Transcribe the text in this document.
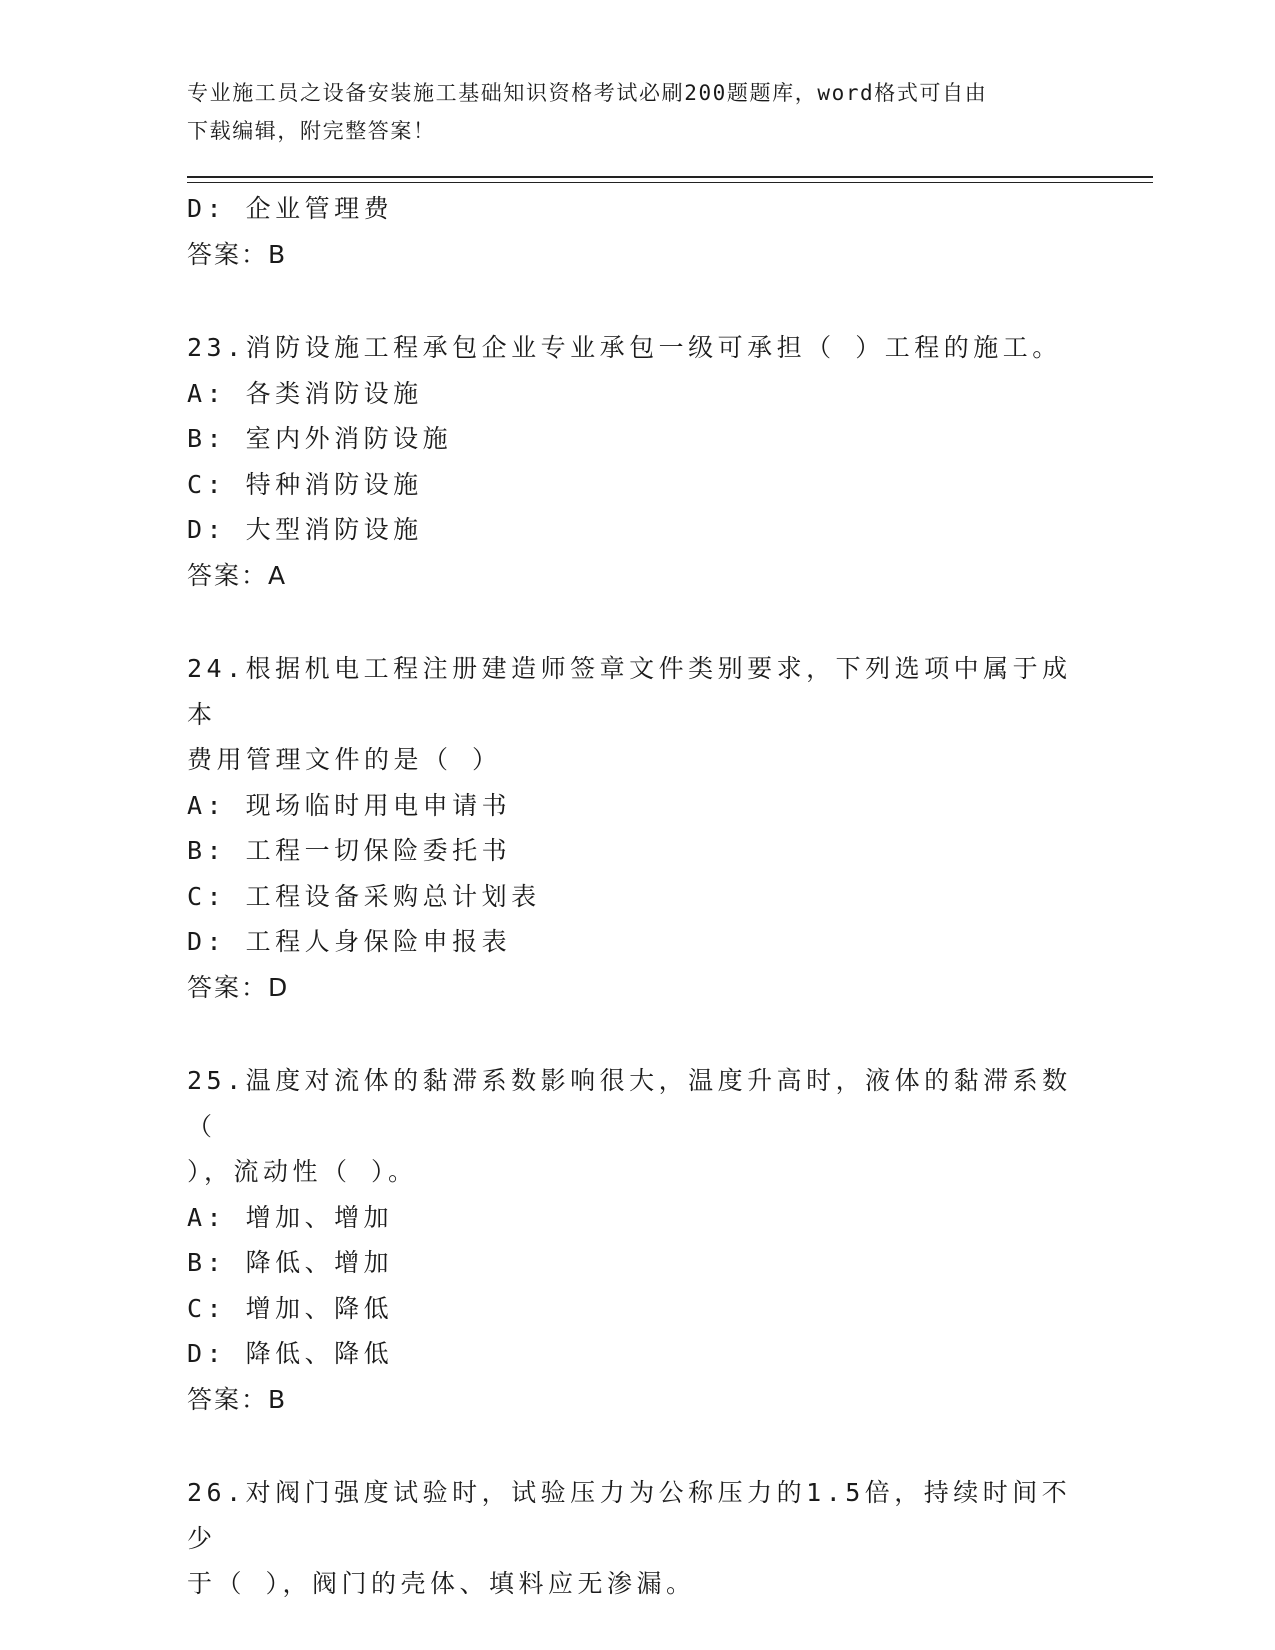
专业施工员之设备安装施工基础知识资格考试必刷200题题库，word格式可自由
下载编辑，附完整答案！
D: 企业管理费
答案：B
23.消防设施工程承包企业专业承包一级可承担（ ）工程的施工。
A: 各类消防设施
B: 室内外消防设施
C: 特种消防设施
D: 大型消防设施
答案：A
24.根据机电工程注册建造师签章文件类别要求，下列选项中属于成本
费用管理文件的是（ ）
A: 现场临时用电申请书
B: 工程一切保险委托书
C: 工程设备采购总计划表
D: 工程人身保险申报表
答案：D
25.温度对流体的黏滞系数影响很大，温度升高时，液体的黏滞系数（
），流动性（ ）。
A: 增加、增加
B: 降低、增加
C: 增加、降低
D: 降低、降低
答案：B
26.对阀门强度试验时，试验压力为公称压力的1.5倍，持续时间不少
于（ ），阀门的壳体、填料应无渗漏。
